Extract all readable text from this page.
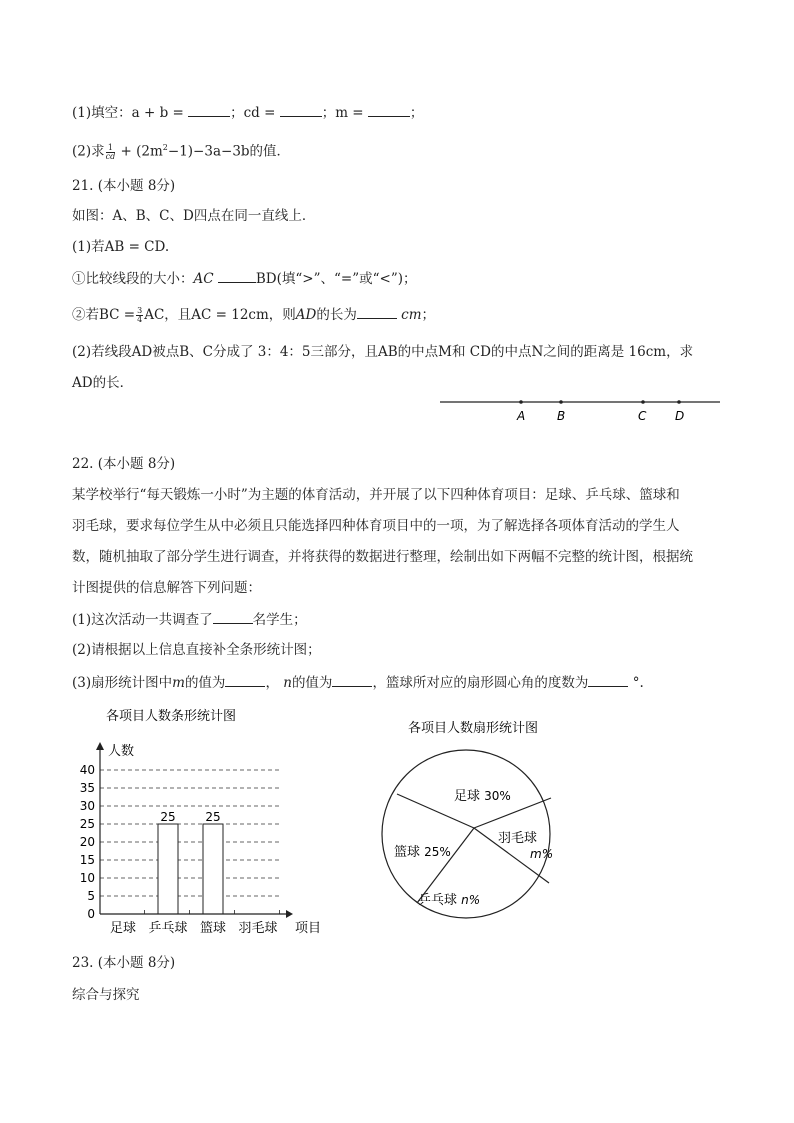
(1)填空：a + b =	；cd =	；m =	；
(2)求 $\frac{1}{cd} + (2m^2-1)-3a-3b$的值．
21. (本小题 8分)
如图：A、B、C、D四点在同一直线上．
(1)若AB = CD.
①比较线段的大小：AC	BD(填“>”、“=”或“<”)；
②若BC = $\frac{3}{4}$ AC，且AC = 12cm，则AD的长为	cm；
(2)若线段AD被点B、C分成了 3：4：5三部分，且AB的中点M和 CD的中点N之间的距离是 16cm，求
AD的长．
A	B	C D
22. (本小题 8分)
某学校举行“每天锻炼一小时”为主题的体育活动，并开展了以下四种体育项目：足球、乒乓球、篮球和
羽毛球，要求每位学生从中必须且只能选择四种体育项目中的一项，为了解选择各项体育活动的学生人
数，随机抽取了部分学生进行调查，并将获得的数据进行整理，绘制出如下两幅不完整的统计图，根据统
计图提供的信息解答下列问题：
(1)这次活动一共调查了	名学生；
(2)请根据以上信息直接补全条形统计图；
(3)扇形统计图中m的值为	， n的值为	，篮球所对应的扇形圆心角的度数为	°.
各项目人数条形统计图
人数
项目
25 25
0
5
10
15
20
25
30
35
40
足球 乒乓球 篮球 羽毛球
各项目人数扇形统计图
足球 30%
羽毛球
m%
乒乓球 n%
篮球 25%
23. (本小题 8分)
综合与探究
